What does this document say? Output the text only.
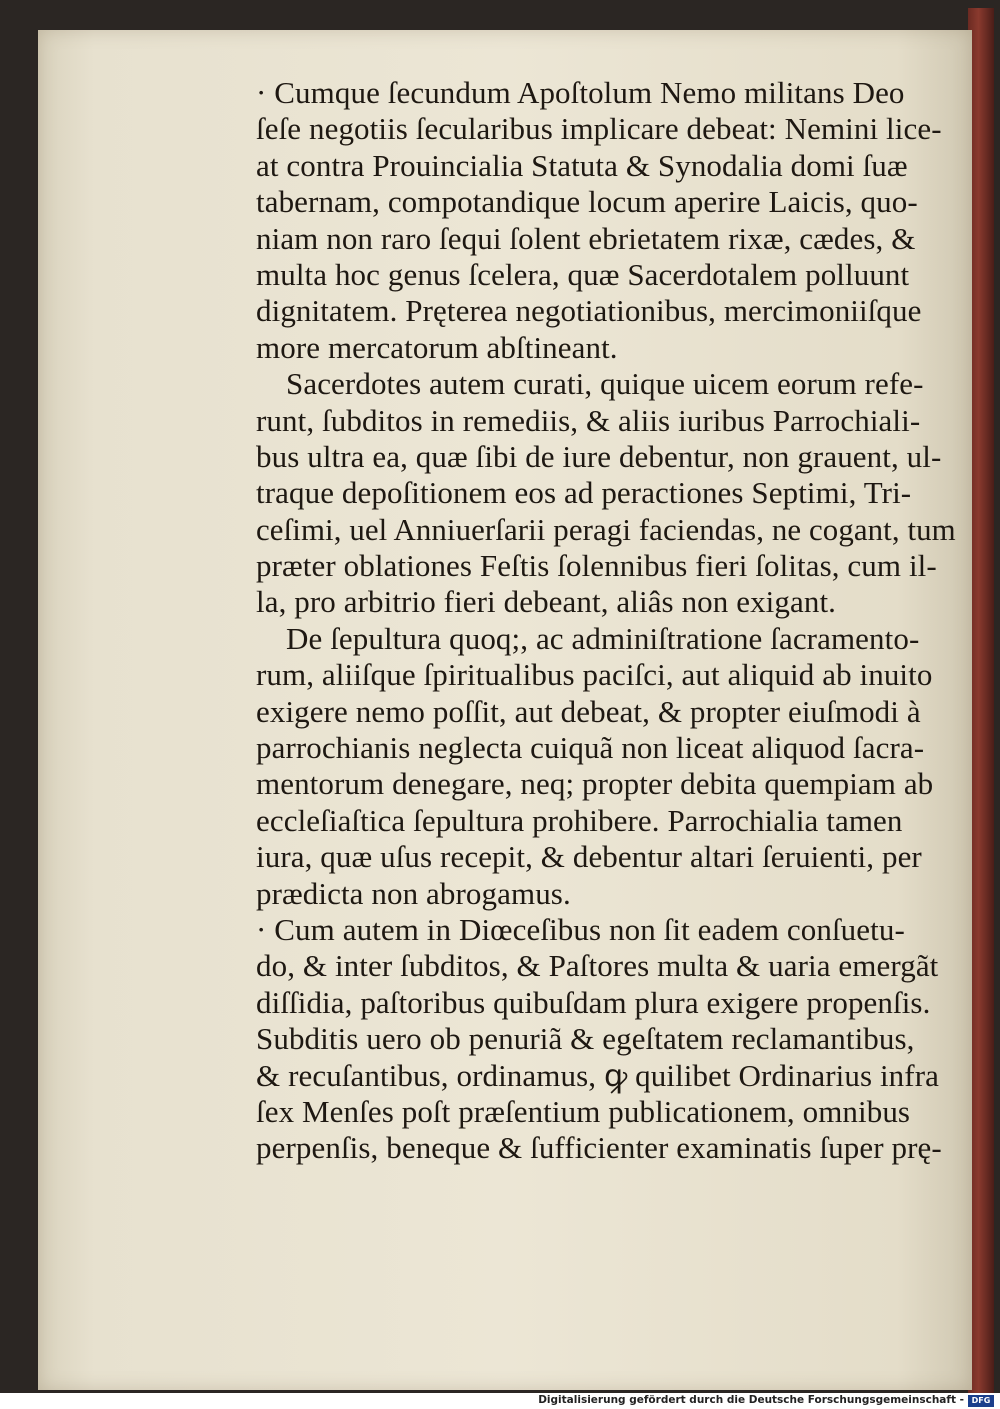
· Cumque ſecundum Apoſtolum Nemo militans Deo
ſeſe negotiis ſecularibus implicare debeat: Nemini lice-
at contra Prouincialia Statuta & Synodalia domi ſuæ
tabernam, compotandique locum aperire Laicis, quo-
niam non raro ſequi ſolent ebrietatem rixæ, cædes, &
multa hoc genus ſcelera, quæ Sacerdotalem polluunt
dignitatem. Pręterea negotiationibus, mercimoniiſque
more mercatorum abſtineant.
Sacerdotes autem curati, quique uicem eorum refe-
runt, ſubditos in remediis, & aliis iuribus Parrochiali-
bus ultra ea, quæ ſibi de iure debentur, non grauent, ul-
traque depoſitionem eos ad peractiones Septimi, Tri-
ceſimi, uel Anniuerſarii peragi faciendas, ne cogant, tum
præter oblationes Feſtis ſolennibus fieri ſolitas, cum il-
la, pro arbitrio fieri debeant, aliâs non exigant.
De ſepultura quoq;, ac adminiſtratione ſacramento-
rum, aliiſque ſpiritualibus paciſci, aut aliquid ab inuito
exigere nemo poſſit, aut debeat, & propter eiuſmodi à
parrochianis neglecta cuiquã non liceat aliquod ſacra-
mentorum denegare, neq; propter debita quempiam ab
eccleſiaſtica ſepultura prohibere. Parrochialia tamen
iura, quæ uſus recepit, & debentur altari ſeruienti, per
prædicta non abrogamus.
· Cum autem in Diœceſibus non ſit eadem conſuetu-
do, & inter ſubditos, & Paſtores multa & uaria emergãt
diſſidia, paſtoribus quibuſdam plura exigere propenſis.
Subditis uero ob penuriã & egeſtatem reclamantibus,
& recuſantibus, ordinamus, ꝙ quilibet Ordinarius infra
ſex Menſes poſt præſentium publicationem, omnibus
perpenſis, beneque & ſufficienter examinatis ſuper prę-
Digitalisierung gefördert durch die Deutsche Forschungsgemeinschaft - DFG
